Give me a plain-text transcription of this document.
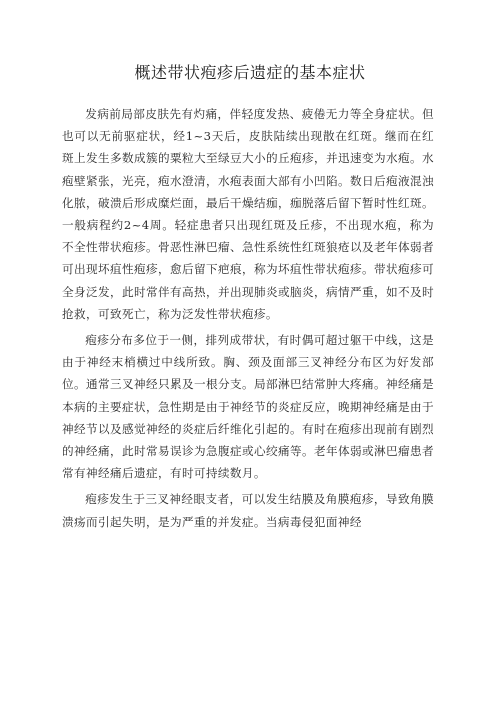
概述带状疱疹后遗症的基本症状

发病前局部皮肤先有灼痛，伴轻度发热、疲倦无力等全身症状。但也可以无前驱症状，经1~3天后，皮肤陆续出现散在红斑。继而在红斑上发生多数成簇的粟粒大至绿豆大小的丘疱疹，并迅速变为水疱。水疱壁紧张，光亮，疱水澄清，水疱表面大部有小凹陷。数日后疱液混浊化脓，破溃后形成糜烂面，最后干燥结痂，痂脱落后留下暂时性红斑。一般病程约2~4周。轻症患者只出现红斑及丘疹，不出现水疱，称为不全性带状疱疹。骨恶性淋巴瘤、急性系统性红斑狼疮以及老年体弱者可出现坏疽性疱疹，愈后留下疤痕，称为坏疽性带状疱疹。带状疱疹可全身泛发，此时常伴有高热，并出现肺炎或脑炎，病情严重，如不及时抢救，可致死亡，称为泛发性带状疱疹。

疱疹分布多位于一侧，排列成带状，有时偶可超过躯干中线，这是由于神经末梢横过中线所致。胸、颈及面部三叉神经分布区为好发部位。通常三叉神经只累及一根分支。局部淋巴结常肿大疼痛。神经痛是本病的主要症状，急性期是由于神经节的炎症反应，晚期神经痛是由于神经节以及感觉神经的炎症后纤维化引起的。有时在疱疹出现前有剧烈的神经痛，此时常易误诊为急腹症或心绞痛等。老年体弱或淋巴瘤患者常有神经痛后遗症，有时可持续数月。

疱疹发生于三叉神经眼支者，可以发生结膜及角膜疱疹，导致角膜溃疡而引起失明，是为严重的并发症。当病毒侵犯面神经
